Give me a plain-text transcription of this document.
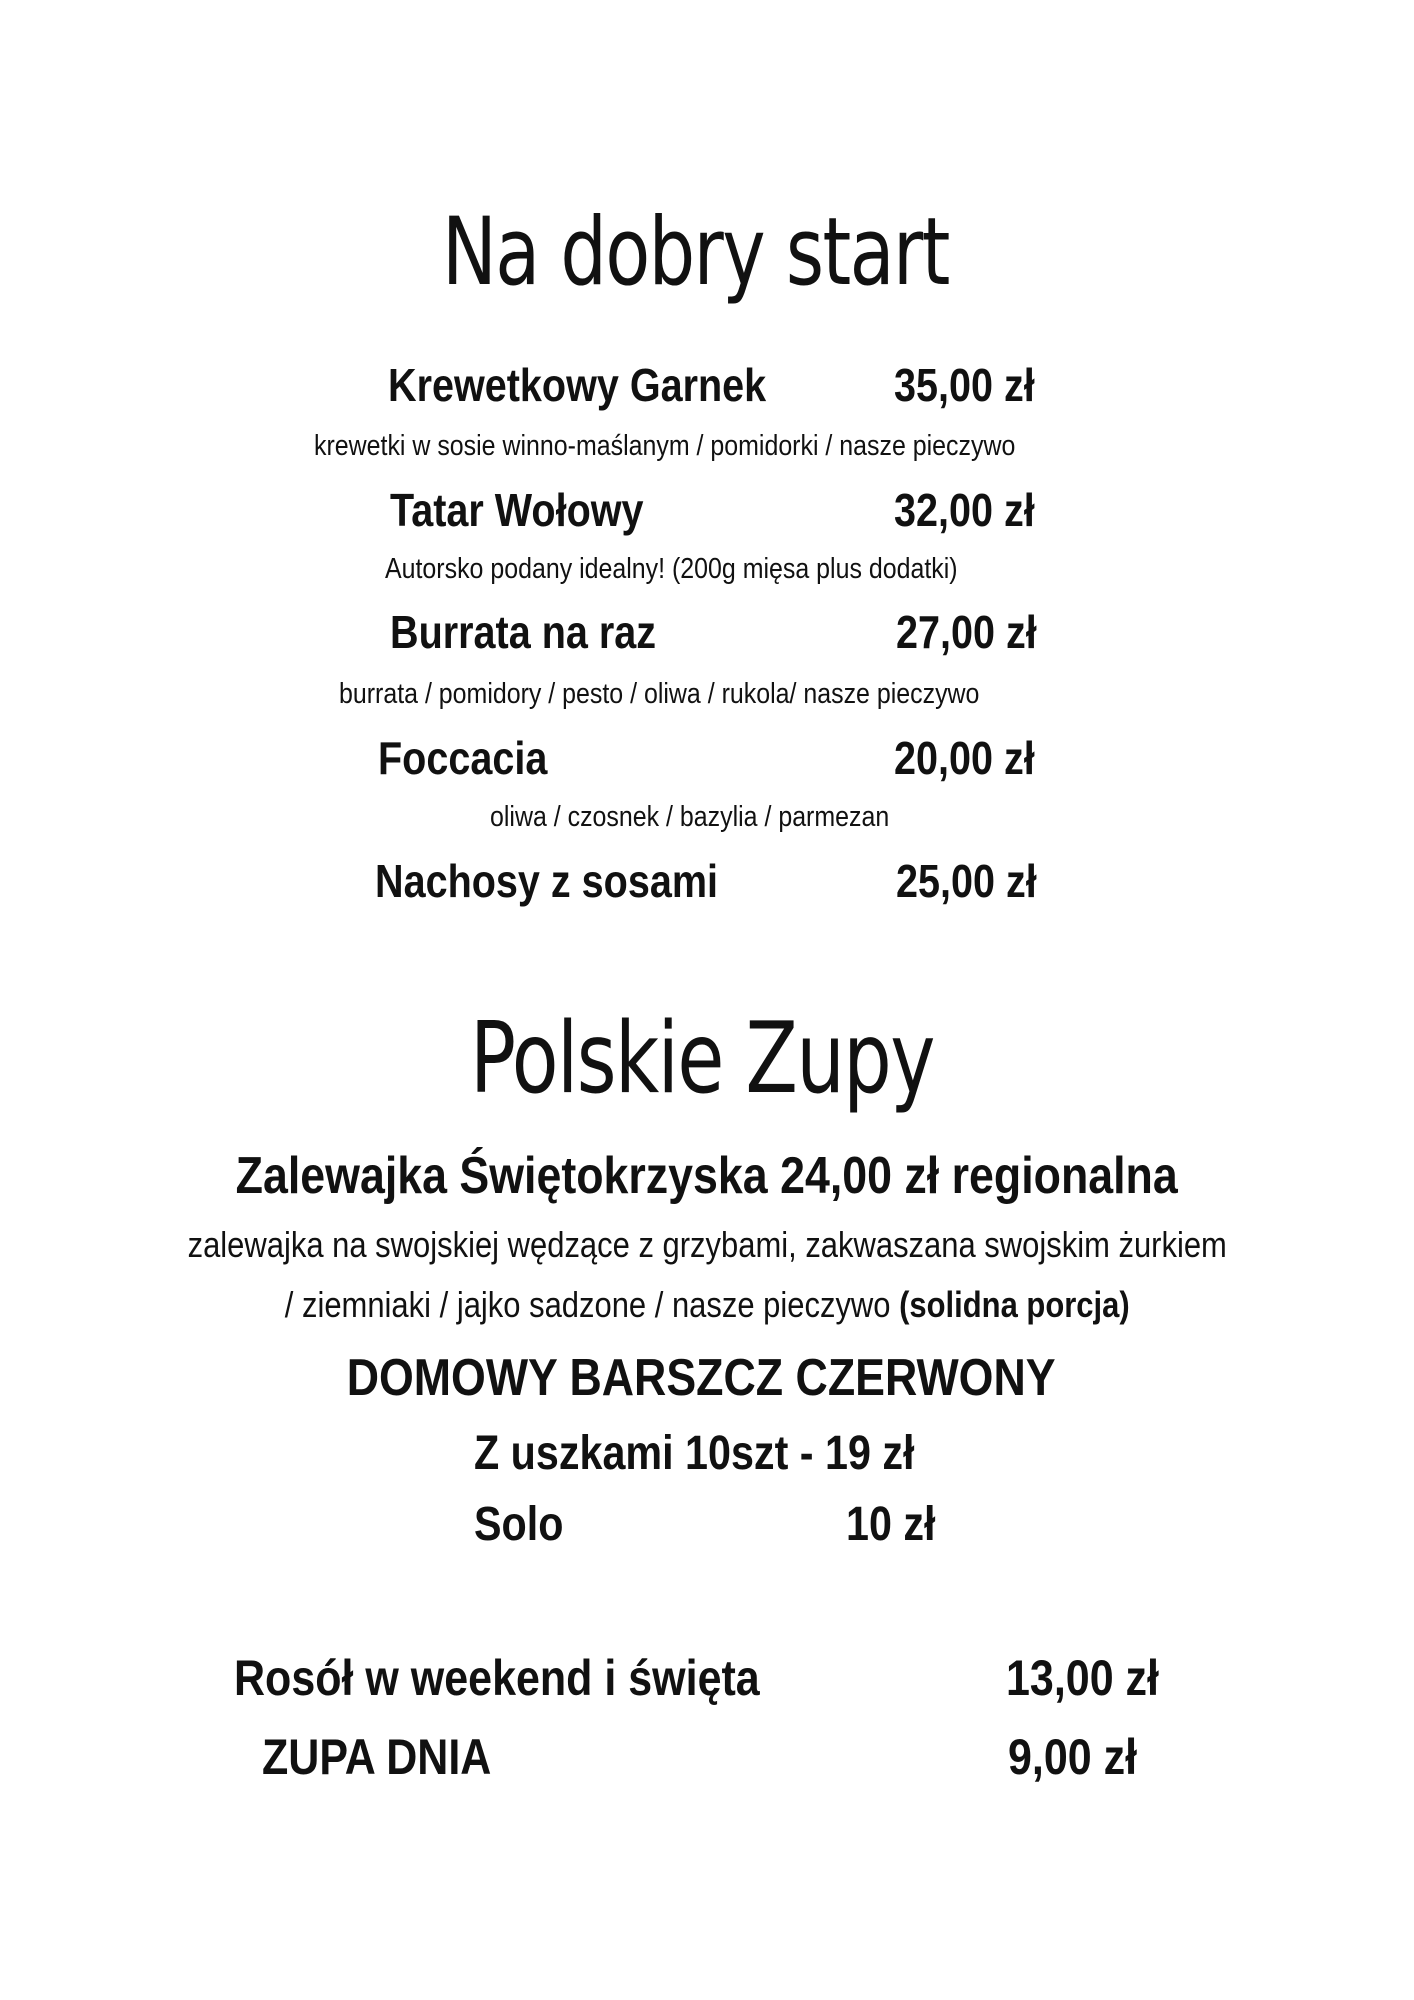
Na dobry start
Krewetkowy Garnek	35,00 zł
krewetki w sosie winno-maślanym / pomidorki / nasze pieczywo
Tatar Wołowy	32,00 zł
Autorsko podany idealny! (200g mięsa plus dodatki)
Burrata na raz	27,00 zł
burrata / pomidory / pesto / oliwa / rukola/ nasze pieczywo
Foccacia	20,00 zł
oliwa / czosnek / bazylia / parmezan
Nachosy z sosami	25,00 zł
Polskie Zupy
Zalewajka Świętokrzyska 24,00 zł regionalna
zalewajka na swojskiej wędzące z grzybami, zakwaszana swojskim żurkiem
/ ziemniaki / jajko sadzone / nasze pieczywo (solidna porcja)
DOMOWY BARSZCZ CZERWONY
Z uszkami 10szt - 19 zł
Solo	10 zł
Rosół w weekend i święta	13,00 zł
ZUPA DNIA	9,00 zł
